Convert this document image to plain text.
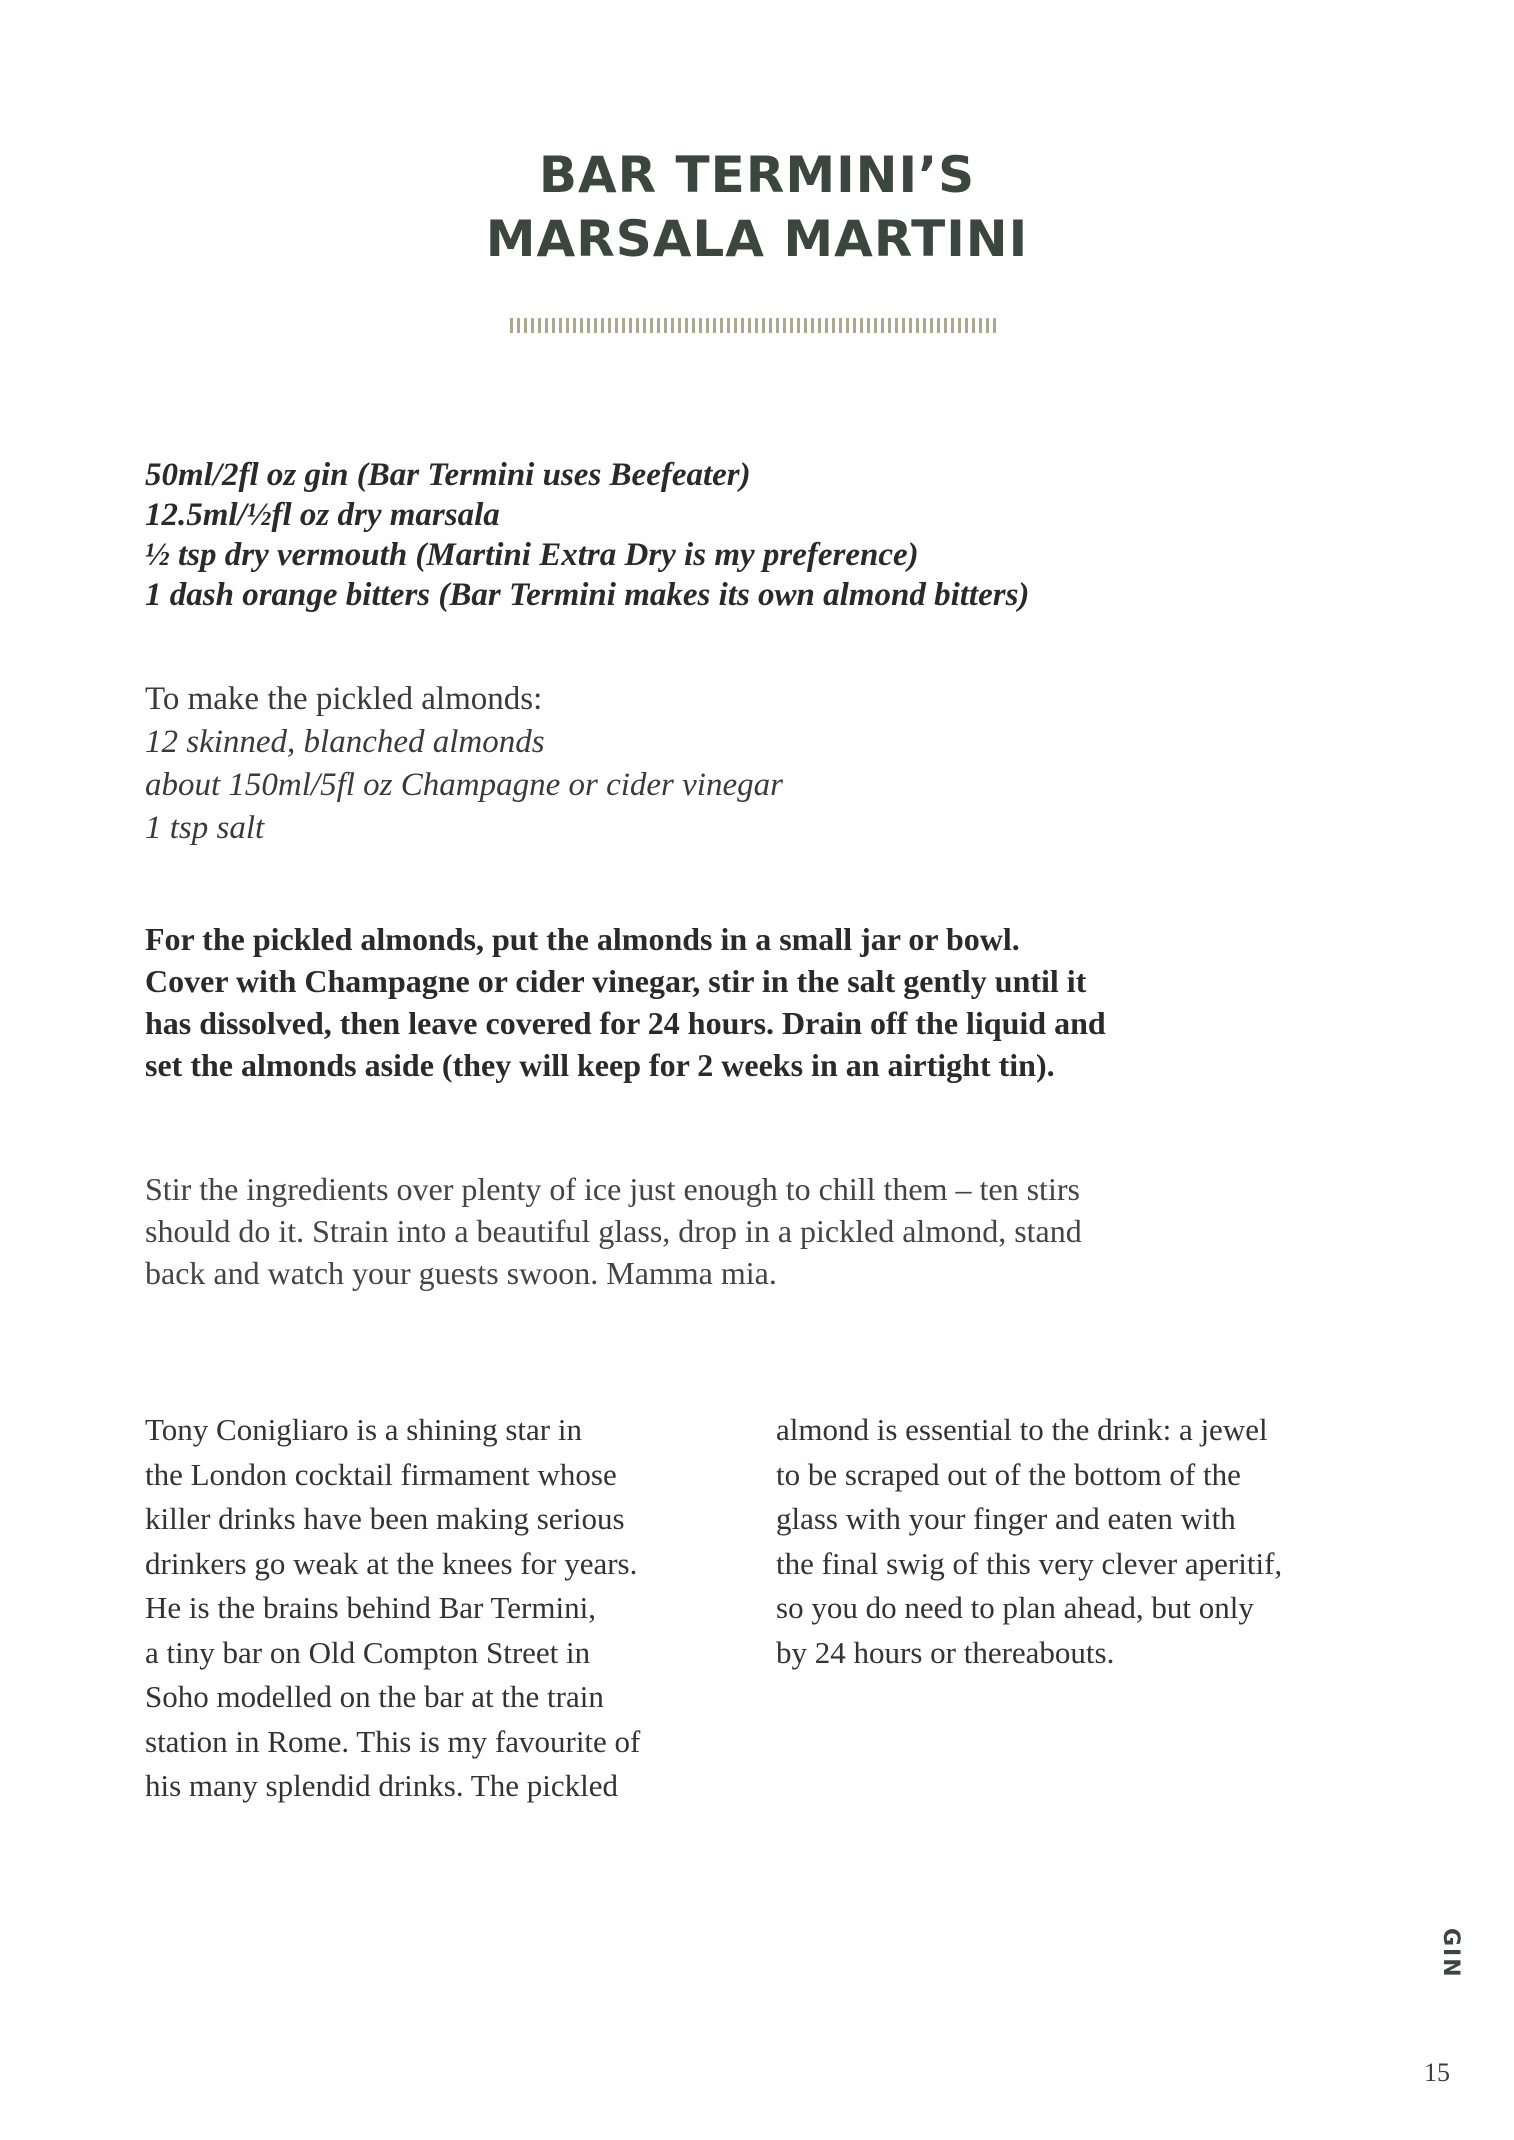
BAR TERMINI’S
MARSALA MARTINI
50ml/2fl oz gin (Bar Termini uses Beefeater)
12.5ml/½fl oz dry marsala
½ tsp dry vermouth (Martini Extra Dry is my preference)
1 dash orange bitters (Bar Termini makes its own almond bitters)
To make the pickled almonds:
12 skinned, blanched almonds
about 150ml/5fl oz Champagne or cider vinegar
1 tsp salt
For the pickled almonds, put the almonds in a small jar or bowl.
Cover with Champagne or cider vinegar, stir in the salt gently until it
has dissolved, then leave covered for 24 hours. Drain off the liquid and
set the almonds aside (they will keep for 2 weeks in an airtight tin).
Stir the ingredients over plenty of ice just enough to chill them – ten stirs
should do it. Strain into a beautiful glass, drop in a pickled almond, stand
back and watch your guests swoon. Mamma mia.
Tony Conigliaro is a shining star in
the London cocktail firmament whose
killer drinks have been making serious
drinkers go weak at the knees for years.
He is the brains behind Bar Termini,
a tiny bar on Old Compton Street in
Soho modelled on the bar at the train
station in Rome. This is my favourite of
his many splendid drinks. The pickled
almond is essential to the drink: a jewel
to be scraped out of the bottom of the
glass with your finger and eaten with
the final swig of this very clever aperitif,
so you do need to plan ahead, but only
by 24 hours or thereabouts.
GIN
15
